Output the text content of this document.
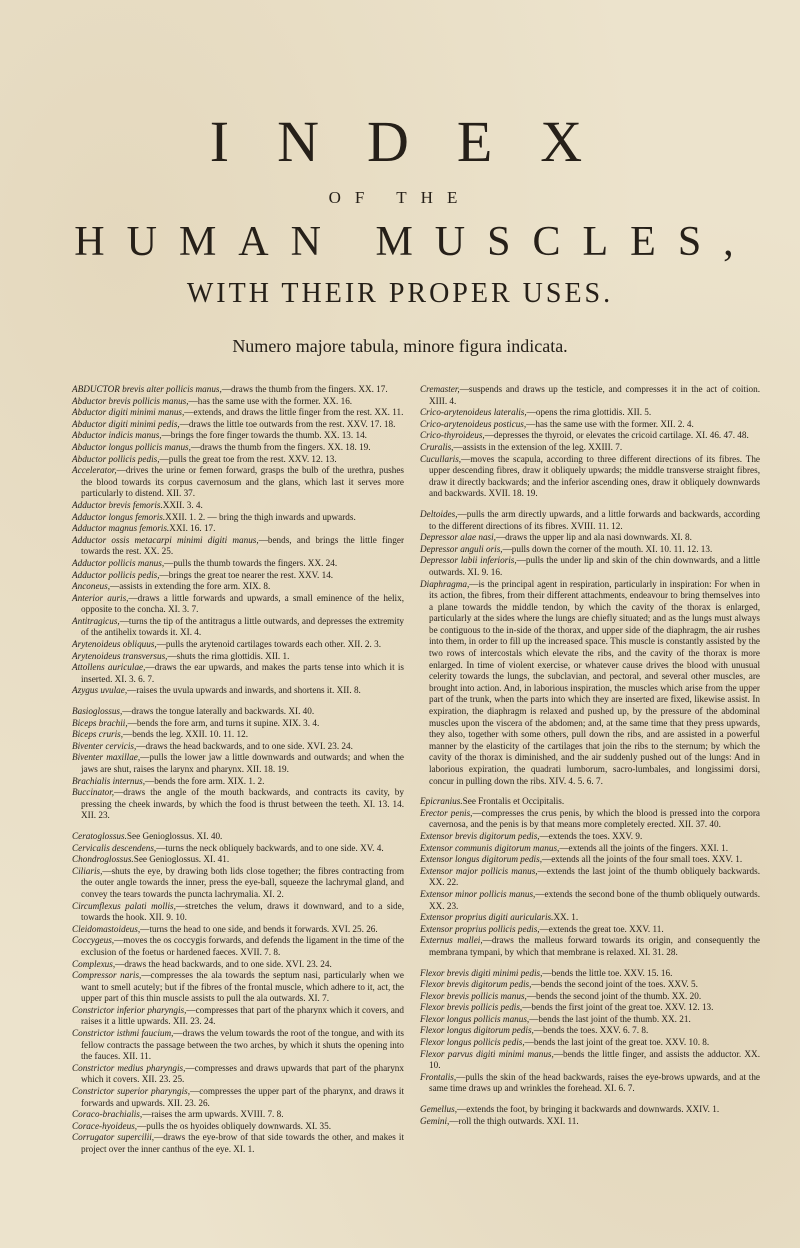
INDEX
OF THE
HUMAN MUSCLES,
WITH THEIR PROPER USES.
Numero majore tabula, minore figura indicata.

ABDUCTOR brevis alter pollicis manus,—draws the thumb from the fingers. XX. 17.

Abductor brevis pollicis manus,—has the same use with the former. XX. 16.

Abductor digiti minimi manus,—extends, and draws the little finger from the rest. XX. 11.

Abductor digiti minimi pedis,—draws the little toe outwards from the rest. XXV. 17. 18.

Abductor indicis manus,—brings the fore finger towards the thumb. XX. 13. 14.

Abductor longus pollicis manus,—draws the thumb from the fingers. XX. 18. 19.

Abductor pollicis pedis,—pulls the great toe from the rest. XXV. 12. 13.

Accelerator,—drives the urine or femen forward, grasps the bulb of the urethra, pushes the blood towards its corpus cavernosum and the glans, which last it serves more particularly to distend. XII. 37.

Adductor brevis femoris.XXII. 3. 4.

Adductor longus femoris.XXII. 1. 2. — bring the thigh inwards and upwards.

Adductor magnus femoris.XXI. 16. 17.

Adductor ossis metacarpi minimi digiti manus,—bends, and brings the little finger towards the rest. XX. 25.

Adductor pollicis manus,—pulls the thumb towards the fingers. XX. 24.

Adductor pollicis pedis,—brings the great toe nearer the rest. XXV. 14.

Anconeus,—assists in extending the fore arm. XIX. 8.

Anterior auris,—draws a little forwards and upwards, a small eminence of the helix, opposite to the concha. XI. 3. 7.

Antitragicus,—turns the tip of the antitragus a little outwards, and depresses the extremity of the antihelix towards it. XI. 4.

Arytenoideus obliquus,—pulls the arytenoid cartilages towards each other. XII. 2. 3.

Arytenoideus transversus,—shuts the rima glottidis. XII. 1.

Attollens auriculae,—draws the ear upwards, and makes the parts tense into which it is inserted. XI. 3. 6. 7.

Azygus uvulae,—raises the uvula upwards and inwards, and shortens it. XII. 8.

Basioglossus,—draws the tongue laterally and backwards. XI. 40.

Biceps brachii,—bends the fore arm, and turns it supine. XIX. 3. 4.

Biceps cruris,—bends the leg. XXII. 10. 11. 12.

Biventer cervicis,—draws the head backwards, and to one side. XVI. 23. 24.

Biventer maxillae,—pulls the lower jaw a little downwards and outwards; and when the jaws are shut, raises the larynx and pharynx. XII. 18. 19.

Brachialis internus,—bends the fore arm. XIX. 1. 2.

Buccinator,—draws the angle of the mouth backwards, and contracts its cavity, by pressing the cheek inwards, by which the food is thrust between the teeth. XI. 13. 14. XII. 23.

Ceratoglossus.See Genioglossus. XI. 40.

Cervicalis descendens,—turns the neck obliquely backwards, and to one side. XV. 4.

Chondroglossus.See Genioglossus. XI. 41.

Ciliaris,—shuts the eye, by drawing both lids close together; the fibres contracting from the outer angle towards the inner, press the eye-ball, squeeze the lachrymal gland, and convey the tears towards the puncta lachrymalia. XI. 2.

Circumflexus palati mollis,—stretches the velum, draws it downward, and to a side, towards the hook. XII. 9. 10.

Cleidomastoideus,—turns the head to one side, and bends it forwards. XVI. 25. 26.

Coccygeus,—moves the os coccygis forwards, and defends the ligament in the time of the exclusion of the foetus or hardened faeces. XVII. 7. 8.

Complexus,—draws the head backwards, and to one side. XVI. 23. 24.

Compressor naris,—compresses the ala towards the septum nasi, particularly when we want to smell acutely; but if the fibres of the frontal muscle, which adhere to it, act, the upper part of this thin muscle assists to pull the ala outwards. XI. 7.

Constrictor inferior pharyngis,—compresses that part of the pharynx which it covers, and raises it a little upwards. XII. 23. 24.

Constrictor isthmi faucium,—draws the velum towards the root of the tongue, and with its fellow contracts the passage between the two arches, by which it shuts the opening into the fauces. XII. 11.

Constrictor medius pharyngis,—compresses and draws upwards that part of the pharynx which it covers. XII. 23. 25.

Constrictor superior pharyngis,—compresses the upper part of the pharynx, and draws it forwards and upwards. XII. 23. 26.

Coraco-brachialis,—raises the arm upwards. XVIII. 7. 8.

Corace-hyoideus,—pulls the os hyoides obliquely downwards. XI. 35.

Corrugator supercilii,—draws the eye-brow of that side towards the other, and makes it project over the inner canthus of the eye. XI. 1.

Cremaster,—suspends and draws up the testicle, and compresses it in the act of coition. XIII. 4.

Crico-arytenoideus lateralis,—opens the rima glottidis. XII. 5.

Crico-arytenoideus posticus,—has the same use with the former. XII. 2. 4.

Crico-thyroideus,—depresses the thyroid, or elevates the cricoid cartilage. XI. 46. 47. 48.

Cruralis,—assists in the extension of the leg. XXIII. 7.

Cucullaris,—moves the scapula, according to three different directions of its fibres. The upper descending fibres, draw it obliquely upwards; the middle transverse straight fibres, draw it directly backwards; and the inferior ascending ones, draw it obliquely downwards and backwards. XVII. 18. 19.

Deltoides,—pulls the arm directly upwards, and a little forwards and backwards, according to the different directions of its fibres. XVIII. 11. 12.

Depressor alae nasi,—draws the upper lip and ala nasi downwards. XI. 8.

Depressor anguli oris,—pulls down the corner of the mouth. XI. 10. 11. 12. 13.

Depressor labii inferioris,—pulls the under lip and skin of the chin downwards, and a little outwards. XI. 9. 16.

Diaphragma,—is the principal agent in respiration, particularly in inspiration: For when in its action, the fibres, from their different attachments, endeavour to bring themselves into a plane towards the middle tendon, by which the cavity of the thorax is enlarged, particularly at the sides where the lungs are chiefly situated; and as the lungs must always be contiguous to the in-side of the thorax, and upper side of the diaphragm, the air rushes into them, in order to fill up the increased space. This muscle is constantly assisted by the two rows of intercostals which elevate the ribs, and the cavity of the thorax is more enlarged. In time of violent exercise, or whatever cause drives the blood with unusual celerity towards the lungs, the subclavian, and pectoral, and several other muscles, are brought into action. And, in laborious inspiration, the muscles which arise from the upper part of the trunk, when the parts into which they are inserted are fixed, likewise assist. In expiration, the diaphragm is relaxed and pushed up, by the pressure of the abdominal muscles upon the viscera of the abdomen; and, at the same time that they press upwards, they also, together with some others, pull down the ribs, and are assisted in a powerful manner by the elasticity of the cartilages that join the ribs to the sternum; by which the cavity of the thorax is diminished, and the air suddenly pushed out of the lungs: And in laborious expiration, the quadrati lumborum, sacro-lumbales, and longissimi dorsi, concur in pulling down the ribs. XIV. 4. 5. 6. 7.

Epicranius.See Frontalis et Occipitalis.

Erector penis,—compresses the crus penis, by which the blood is pressed into the corpora cavernosa, and the penis is by that means more completely erected. XII. 37. 40.

Extensor brevis digitorum pedis,—extends the toes. XXV. 9.

Extensor communis digitorum manus,—extends all the joints of the fingers. XXI. 1.

Extensor longus digitorum pedis,—extends all the joints of the four small toes. XXV. 1.

Extensor major pollicis manus,—extends the last joint of the thumb obliquely backwards. XX. 22.

Extensor minor pollicis manus,—extends the second bone of the thumb obliquely outwards. XX. 23.

Extensor proprius digiti auricularis.XX. 1.

Extensor proprius pollicis pedis,—extends the great toe. XXV. 11.

Externus mallei,—draws the malleus forward towards its origin, and consequently the membrana tympani, by which that membrane is relaxed. XI. 31. 28.

Flexor brevis digiti minimi pedis,—bends the little toe. XXV. 15. 16.

Flexor brevis digitorum pedis,—bends the second joint of the toes. XXV. 5.

Flexor brevis pollicis manus,—bends the second joint of the thumb. XX. 20.

Flexor brevis pollicis pedis,—bends the first joint of the great toe. XXV. 12. 13.

Flexor longus pollicis manus,—bends the last joint of the thumb. XX. 21.

Flexor longus digitorum pedis,—bends the toes. XXV. 6. 7. 8.

Flexor longus pollicis pedis,—bends the last joint of the great toe. XXV. 10. 8.

Flexor parvus digiti minimi manus,—bends the little finger, and assists the adductor. XX. 10.

Frontalis,—pulls the skin of the head backwards, raises the eye-brows upwards, and at the same time draws up and wrinkles the forehead. XI. 6. 7.

Gemellus,—extends the foot, by bringing it backwards and downwards. XXIV. 1.

Gemini,—roll the thigh outwards. XXI. 11.
